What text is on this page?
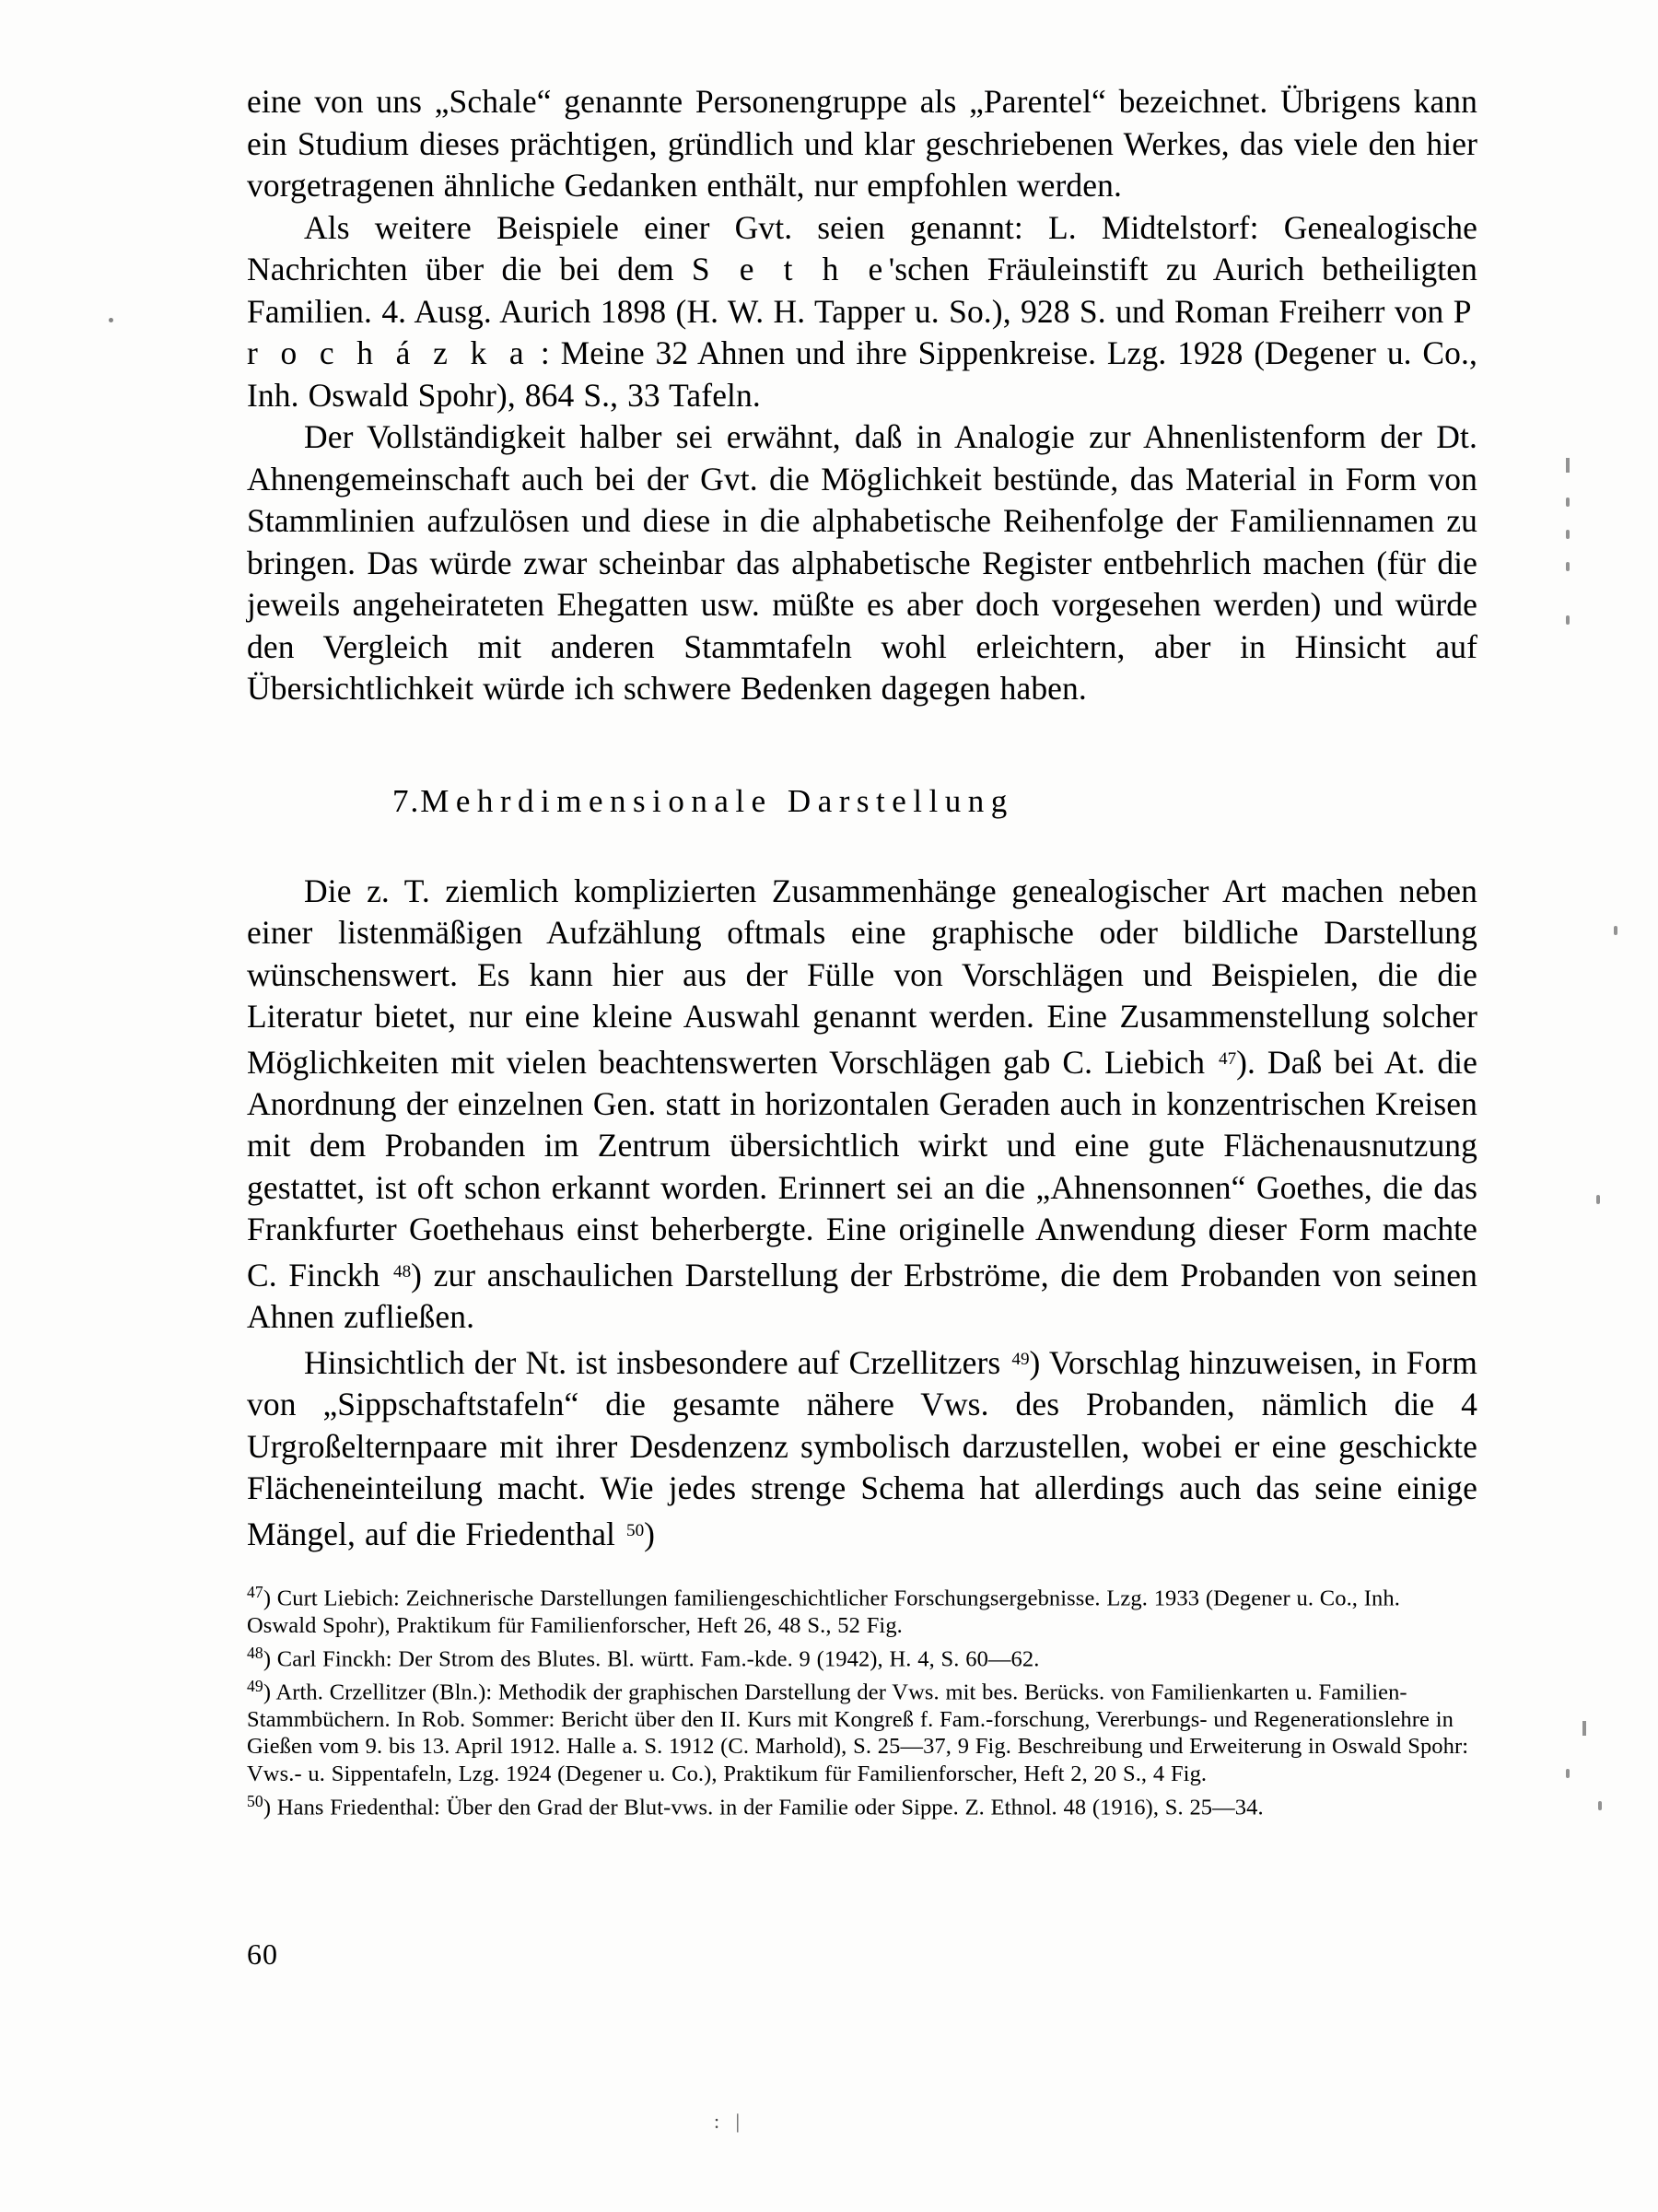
eine von uns „Schale“ genannte Personengruppe als „Parentel“ bezeichnet. Übrigens kann ein Studium dieses prächtigen, gründlich und klar geschriebenen Werkes, das viele den hier vorgetragenen ähnliche Gedanken enthält, nur empfohlen werden.

Als weitere Beispiele einer Gvt. seien genannt: L. Midtelstorf: Genealogische Nachrichten über die bei dem S e t h e'schen Fräuleinstift zu Aurich betheiligten Familien. 4. Ausg. Aurich 1898 (H. W. H. Tapper u. So.), 928 S. und Roman Freiherr von P r o c h á z k a : Meine 32 Ahnen und ihre Sippenkreise. Lzg. 1928 (Degener u. Co., Inh. Oswald Spohr), 864 S., 33 Tafeln.

Der Vollständigkeit halber sei erwähnt, daß in Analogie zur Ahnenlistenform der Dt. Ahnengemeinschaft auch bei der Gvt. die Möglichkeit bestünde, das Material in Form von Stammlinien aufzulösen und diese in die alphabetische Reihenfolge der Familiennamen zu bringen. Das würde zwar scheinbar das alphabetische Register entbehrlich machen (für die jeweils angeheirateten Ehegatten usw. müßte es aber doch vorgesehen werden) und würde den Vergleich mit anderen Stammtafeln wohl erleichtern, aber in Hinsicht auf Übersichtlichkeit würde ich schwere Bedenken dagegen haben.

7.Mehrdimensionale Darstellung

Die z. T. ziemlich komplizierten Zusammenhänge genealogischer Art machen neben einer listenmäßigen Aufzählung oftmals eine graphische oder bildliche Darstellung wünschenswert. Es kann hier aus der Fülle von Vorschlägen und Beispielen, die die Literatur bietet, nur eine kleine Auswahl genannt werden. Eine Zusammenstellung solcher Möglichkeiten mit vielen beachtenswerten Vorschlägen gab C. Liebich $^{47}$). Daß bei At. die Anordnung der einzelnen Gen. statt in horizontalen Geraden auch in konzentrischen Kreisen mit dem Probanden im Zentrum übersichtlich wirkt und eine gute Flächenausnutzung gestattet, ist oft schon erkannt worden. Erinnert sei an die „Ahnensonnen“ Goethes, die das Frankfurter Goethehaus einst beherbergte. Eine originelle Anwendung dieser Form machte C. Finckh $^{48}$) zur anschaulichen Darstellung der Erbströme, die dem Probanden von seinen Ahnen zufließen.

Hinsichtlich der Nt. ist insbesondere auf Crzellitzers $^{49}$) Vorschlag hinzuweisen, in Form von „Sippschaftstafeln“ die gesamte nähere Vws. des Probanden, nämlich die 4 Urgroßelternpaare mit ihrer Desdenzenz symbolisch darzustellen, wobei er eine geschickte Flächeneinteilung macht. Wie jedes strenge Schema hat allerdings auch das seine einige Mängel, auf die Friedenthal $^{50}$)

$^{47}$) Curt Liebich: Zeichnerische Darstellungen familiengeschichtlicher Forschungsergebnisse. Lzg. 1933 (Degener u. Co., Inh. Oswald Spohr), Praktikum für Familienforscher, Heft 26, 48 S., 52 Fig.

$^{48}$) Carl Finckh: Der Strom des Blutes. Bl. württ. Fam.-kde. 9 (1942), H. 4, S. 60—62.

$^{49}$) Arth. Crzellitzer (Bln.): Methodik der graphischen Darstellung der Vws. mit bes. Berücks. von Familienkarten u. Familien-Stammbüchern. In Rob. Sommer: Bericht über den II. Kurs mit Kongreß f. Fam.-forschung, Vererbungs- und Regenerationslehre in Gießen vom 9. bis 13. April 1912. Halle a. S. 1912 (C. Marhold), S. 25—37, 9 Fig. Beschreibung und Erweiterung in Oswald Spohr: Vws.- u. Sippentafeln, Lzg. 1924 (Degener u. Co.), Praktikum für Familienforscher, Heft 2, 20 S., 4 Fig.

$^{50}$) Hans Friedenthal: Über den Grad der Blut-vws. in der Familie oder Sippe. Z. Ethnol. 48 (1916), S. 25—34.

60
: |
